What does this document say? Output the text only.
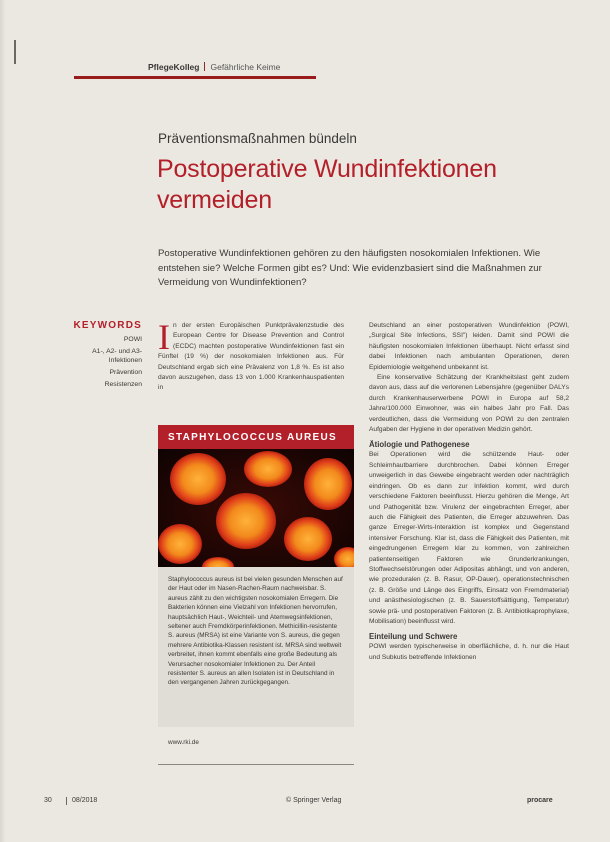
PflegeKolleg Gefährliche Keime
Präventionsmaßnahmen bündeln
Postoperative Wundinfektionen vermeiden

Postoperative Wundinfektionen gehören zu den häufigsten nosokomialen Infektionen. Wie entstehen sie? Welche Formen gibt es? Und: Wie evidenzbasiert sind die Maßnahmen zur Vermeidung von Wundinfektionen?

KEYWORDS
POWI
A1-, A2- und A3-Infektionen
Prävention
Resistenzen

In der ersten Europäischen Punktprävalenzstudie des European Centre for Disease Prevention and Control (ECDC) machten postoperative Wundinfektionen fast ein Fünftel (19 %) der nosokomialen Infektionen aus. Für Deutschland ergab sich eine Prävalenz von 1,8 %. Es ist also davon auszugehen, dass 13 von 1.000 Krankenhauspatienten in

STAPHYLOCOCCUS AUREUS
Staphylococcus aureus ist bei vielen gesunden Menschen auf der Haut oder im Nasen-Rachen-Raum nachweisbar. S. aureus zählt zu den wichtigsten nosokomialen Erregern. Die Bakterien können eine Vielzahl von Infektionen hervorrufen, hauptsächlich Haut-, Weichteil- und Atemwegsinfektionen, seltener auch Fremdkörperinfektionen. Methicillin-resistente S. aureus (MRSA) ist eine Variante von S. aureus, die gegen mehrere Antibiotika-Klassen resistent ist. MRSA sind weltweit verbreitet, ihnen kommt ebenfalls eine große Bedeutung als Verursacher nosokomialer Infektionen zu. Der Anteil resistenter S. aureus an allen Isolaten ist in Deutschland in den vergangenen Jahren zurückgegangen.
www.rki.de

Deutschland an einer postoperativen Wundinfektion (POWI, „Surgical Site Infections, SSI") leiden. Damit sind POWI die häufigsten nosokomialen Infektionen überhaupt. Nicht erfasst sind dabei Infektionen nach ambulanten Operationen, deren Epidemiologie weitgehend unbekannt ist.

Eine konservative Schätzung der Krankheitslast geht zudem davon aus, dass auf die verlorenen Lebensjahre (gegenüber DALYs durch Krankenhauserwerbene POWI in Europa auf 58,2 Jahre/100.000 Einwohner, was ein halbes Jahr pro Fall. Das verdeutlichen, dass die Vermeidung von POWI zu den zentralen Aufgaben der Hygiene in der operativen Medizin gehört.

Ätiologie und Pathogenese

Bei Operationen wird die schützende Haut- oder Schleimhautbarriere durchbrochen. Dabei können Erreger unweigerlich in das Gewebe eingebracht werden oder nachträglich eindringen. Ob es dann zur Infektion kommt, wird durch verschiedene Faktoren beeinflusst. Hierzu gehören die Menge, Art und Pathogenität bzw. Virulenz der eingebrachten Erreger, aber auch die Fähigkeit des Patienten, die Erreger abzuwehren. Das ganze Erreger-Wirts-Interaktion ist komplex und Gegenstand intensiver Forschung. Klar ist, dass die Fähigkeit des Patienten, mit eingedrungenen Erregern klar zu kommen, von zahlreichen patientenseitigen Faktoren wie Grunderkrankungen, Stoffwechselstörungen oder Adipositas abhängt, und von anderen, wie prozeduralen (z. B. Rasur, OP-Dauer), operationstechnischen (z. B. Größe und Länge des Eingriffs, Einsatz von Fremdmaterial) und anästhesiologischen (z. B. Sauerstoffsättigung, Temperatur) sowie prä- und postoperativen Faktoren (z. B. Antibiotikaprophylaxe, Mobilisation) beeinflusst wird.

Einteilung und Schwere

POWI werden typischerweise in oberflächliche, d. h. nur die Haut und Subkutis betreffende Infektionen

30	08/2018	© Springer Verlag	procare
